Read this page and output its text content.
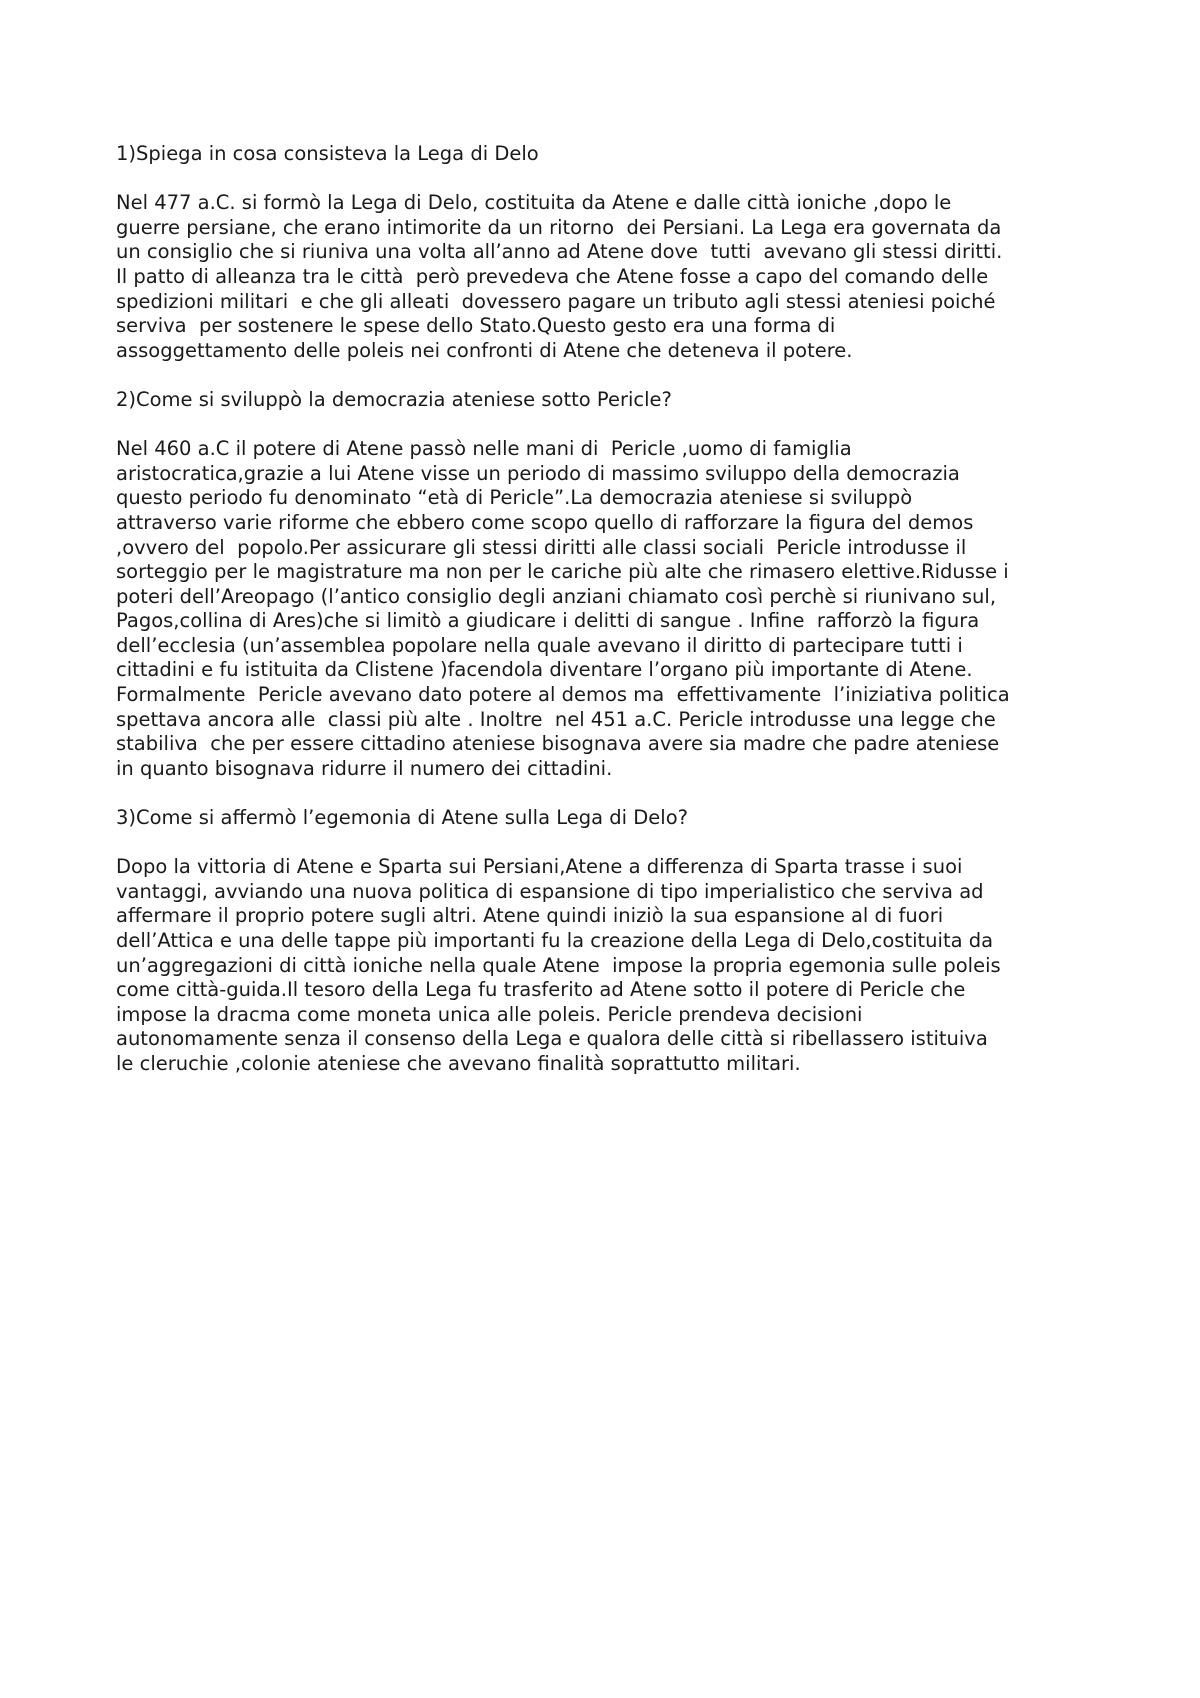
1)Spiega in cosa consisteva la Lega di Delo
Nel 477 a.C. si formò la Lega di Delo, costituita da Atene e dalle città ioniche ,dopo le
guerre persiane, che erano intimorite da un ritorno  dei Persiani. La Lega era governata da
un consiglio che si riuniva una volta all’anno ad Atene dove  tutti  avevano gli stessi diritti.
Il patto di alleanza tra le città  però prevedeva che Atene fosse a capo del comando delle
spedizioni militari  e che gli alleati  dovessero pagare un tributo agli stessi ateniesi poiché
serviva  per sostenere le spese dello Stato.Questo gesto era una forma di
assoggettamento delle poleis nei confronti di Atene che deteneva il potere.
2)Come si sviluppò la democrazia ateniese sotto Pericle?
Nel 460 a.C il potere di Atene passò nelle mani di  Pericle ,uomo di famiglia
aristocratica,grazie a lui Atene visse un periodo di massimo sviluppo della democrazia
questo periodo fu denominato “età di Pericle”.La democrazia ateniese si sviluppò
attraverso varie riforme che ebbero come scopo quello di rafforzare la figura del demos
,ovvero del  popolo.Per assicurare gli stessi diritti alle classi sociali  Pericle introdusse il
sorteggio per le magistrature ma non per le cariche più alte che rimasero elettive.Ridusse i
poteri dell’Areopago (l’antico consiglio degli anziani chiamato così perchè si riunivano sul,
Pagos,collina di Ares)che si limitò a giudicare i delitti di sangue . Infine  rafforzò la figura
dell’ecclesia (un’assemblea popolare nella quale avevano il diritto di partecipare tutti i
cittadini e fu istituita da Clistene )facendola diventare l’organo più importante di Atene.
Formalmente  Pericle avevano dato potere al demos ma  effettivamente  l’iniziativa politica
spettava ancora alle  classi più alte . Inoltre  nel 451 a.C. Pericle introdusse una legge che
stabiliva  che per essere cittadino ateniese bisognava avere sia madre che padre ateniese
in quanto bisognava ridurre il numero dei cittadini.
3)Come si affermò l’egemonia di Atene sulla Lega di Delo?
Dopo la vittoria di Atene e Sparta sui Persiani,Atene a differenza di Sparta trasse i suoi
vantaggi, avviando una nuova politica di espansione di tipo imperialistico che serviva ad
affermare il proprio potere sugli altri. Atene quindi iniziò la sua espansione al di fuori
dell’Attica e una delle tappe più importanti fu la creazione della Lega di Delo,costituita da
un’aggregazioni di città ioniche nella quale Atene  impose la propria egemonia sulle poleis
come città-guida.Il tesoro della Lega fu trasferito ad Atene sotto il potere di Pericle che
impose la dracma come moneta unica alle poleis. Pericle prendeva decisioni
autonomamente senza il consenso della Lega e qualora delle città si ribellassero istituiva
le cleruchie ,colonie ateniese che avevano finalità soprattutto militari.
